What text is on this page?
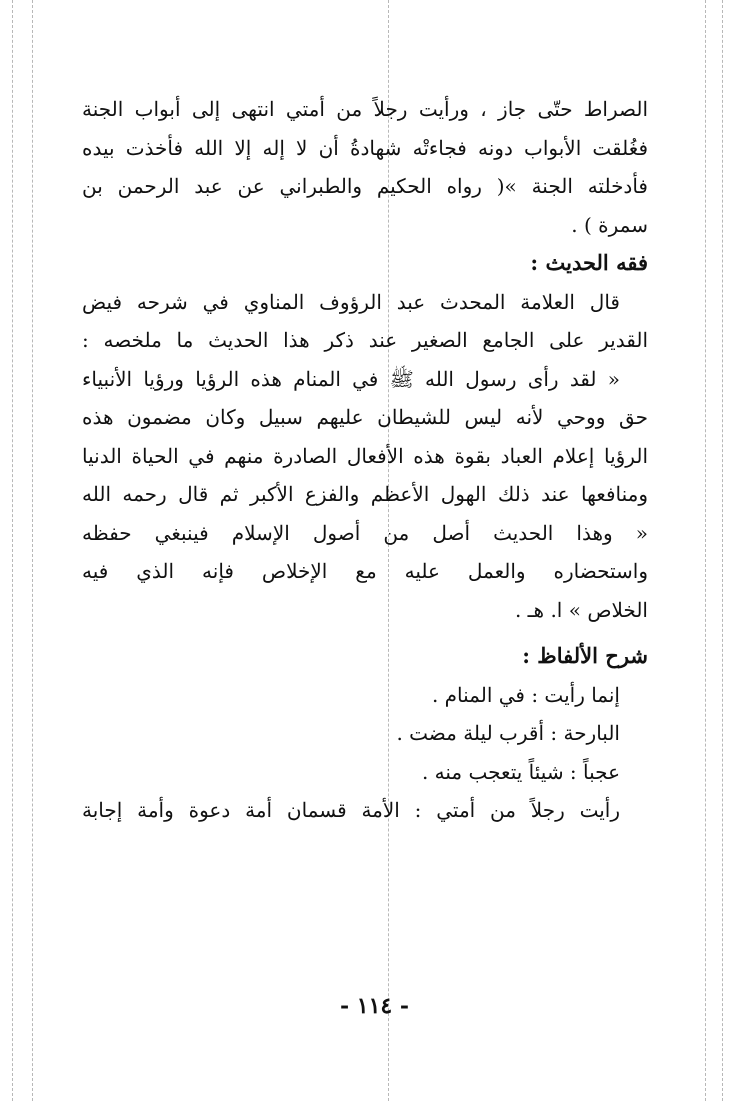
الصراط حتّى جاز ، ورأيت رجلاً من أمتي انتهى إلى أبواب الجنة
فغُلقت الأبواب دونه فجاءتْه شهادةُ أن لا إله إلا الله فأخذت بيده
فأدخلته الجنة »( رواه الحكيم والطبراني عن عبد الرحمن بن
سمرة ) .
فقه الحديث :
قال العلامة المحدث عبد الرؤوف المناوي في شرحه فيض
القدير على الجامع الصغير عند ذكر هذا الحديث ما ملخصه :
« لقد رأى رسول الله ﷺ في المنام هذه الرؤيا ورؤيا الأنبياء
حق ووحي لأنه ليس للشيطان عليهم سبيل وكان مضمون هذه
الرؤيا إعلام العباد بقوة هذه الأفعال الصادرة منهم في الحياة الدنيا
ومنافعها عند ذلك الهول الأعظم والفزع الأكبر ثم قال رحمه الله
« وهذا الحديث أصل من أصول الإسلام فينبغي حفظه
واستحضاره والعمل عليه مع الإخلاص فإنه الذي فيه
الخلاص » ا. هـ .
شرح الألفاظ :
إنما رأيت : في المنام .
البارحة : أقرب ليلة مضت .
عجباً : شيئاً يتعجب منه .
رأيت رجلاً من أمتي : الأمة قسمان أمة دعوة وأمة إجابة
- ١١٤ -
